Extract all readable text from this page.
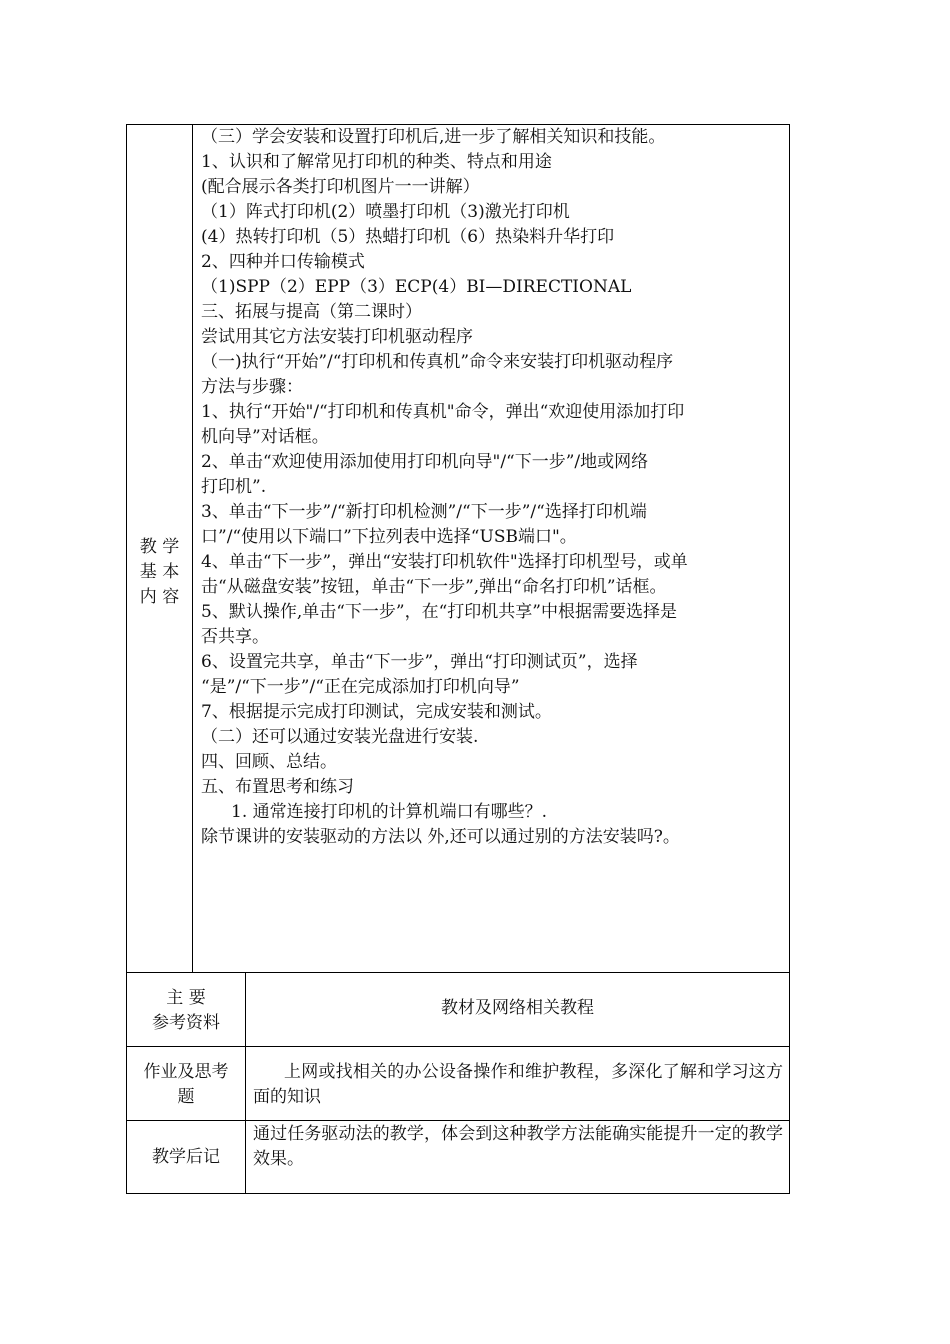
教 学
基 本
内 容

（三）学会安装和设置打印机后,进一步了解相关知识和技能。

1、认识和了解常见打印机的种类、特点和用途

(配合展示各类打印机图片一一讲解）

（1）阵式打印机(2）喷墨打印机（3)激光打印机

(4）热转打印机（5）热蜡打印机（6）热染料升华打印

2、四种并口传输模式

（1)SPP（2）EPP（3）ECP(4）BI—DIRECTIONAL

三、拓展与提高（第二课时）

尝试用其它方法安装打印机驱动程序

（一)执行“开始”/“打印机和传真机”命令来安装打印机驱动程序

方法与步骤：

1、执行“开始"/“打印机和传真机"命令，弹出“欢迎使用添加打印

机向导”对话框。

2、单击“欢迎使用添加使用打印机向导"/“下一步”/地或网络

打印机”.

3、单击“下一步”/“新打印机检测”/“下一步”/“选择打印机端

口”/“使用以下端口”下拉列表中选择“USB端口"。

4、单击“下一步”，弹出“安装打印机软件"选择打印机型号，或单

击“从磁盘安装”按钮，单击“下一步”,弹出“命名打印机”话框。

5、默认操作,单击“下一步”，在“打印机共享”中根据需要选择是

否共享。

6、设置完共享，单击“下一步”，弹出“打印测试页”，选择

“是”/“下一步”/“正在完成添加打印机向导”

7、根据提示完成打印测试，完成安装和测试。

（二）还可以通过安装光盘进行安装.

四、回顾、总结。

五、布置思考和练习

1. 通常连接打印机的计算机端口有哪些？.

除节课讲的安装驱动的方法以 外,还可以通过别的方法安装吗?。

主 要
参考资料
教材及网络相关教程
作业及思考
题
上网或找相关的办公设备操作和维护教程，多深化了解和学习这方面的知识
教学后记
通过任务驱动法的教学，体会到这种教学方法能确实能提升一定的教学效果。
